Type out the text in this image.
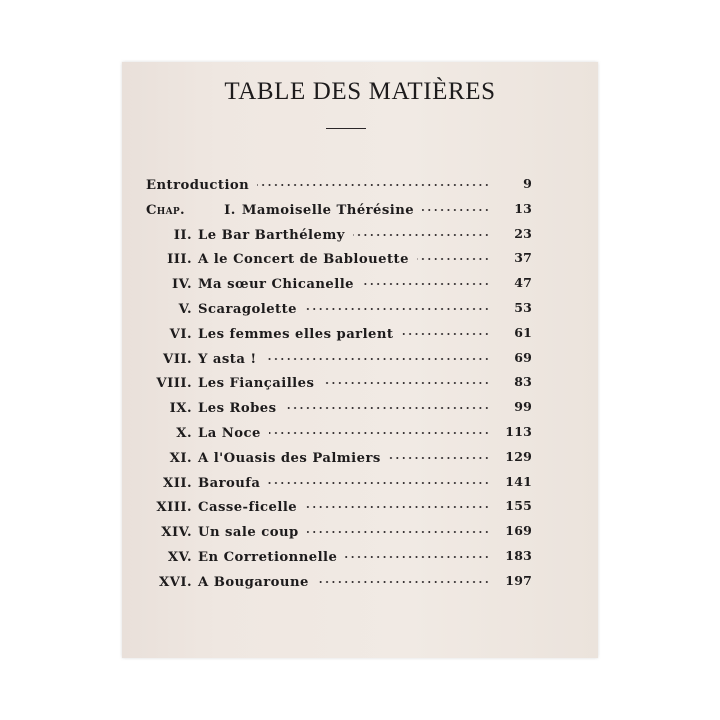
TABLE DES MATIÈRES
Entroduction	9
Chap.	I. Mamoiselle Thérésine	13
II. Le Bar Barthélemy	23
III. A le Concert de Bablouette	37
IV. Ma sœur Chicanelle	47
V. Scaragolette	53
VI. Les femmes elles parlent	61
VII. Y asta !	69
VIII. Les Fiançailles	83
IX. Les Robes	99
X. La Noce	113
XI. A l'Ouasis des Palmiers	129
XII. Baroufa	141
XIII. Casse-ficelle	155
XIV. Un sale coup	169
XV. En Corretionnelle	183
XVI. A Bougaroune	197
